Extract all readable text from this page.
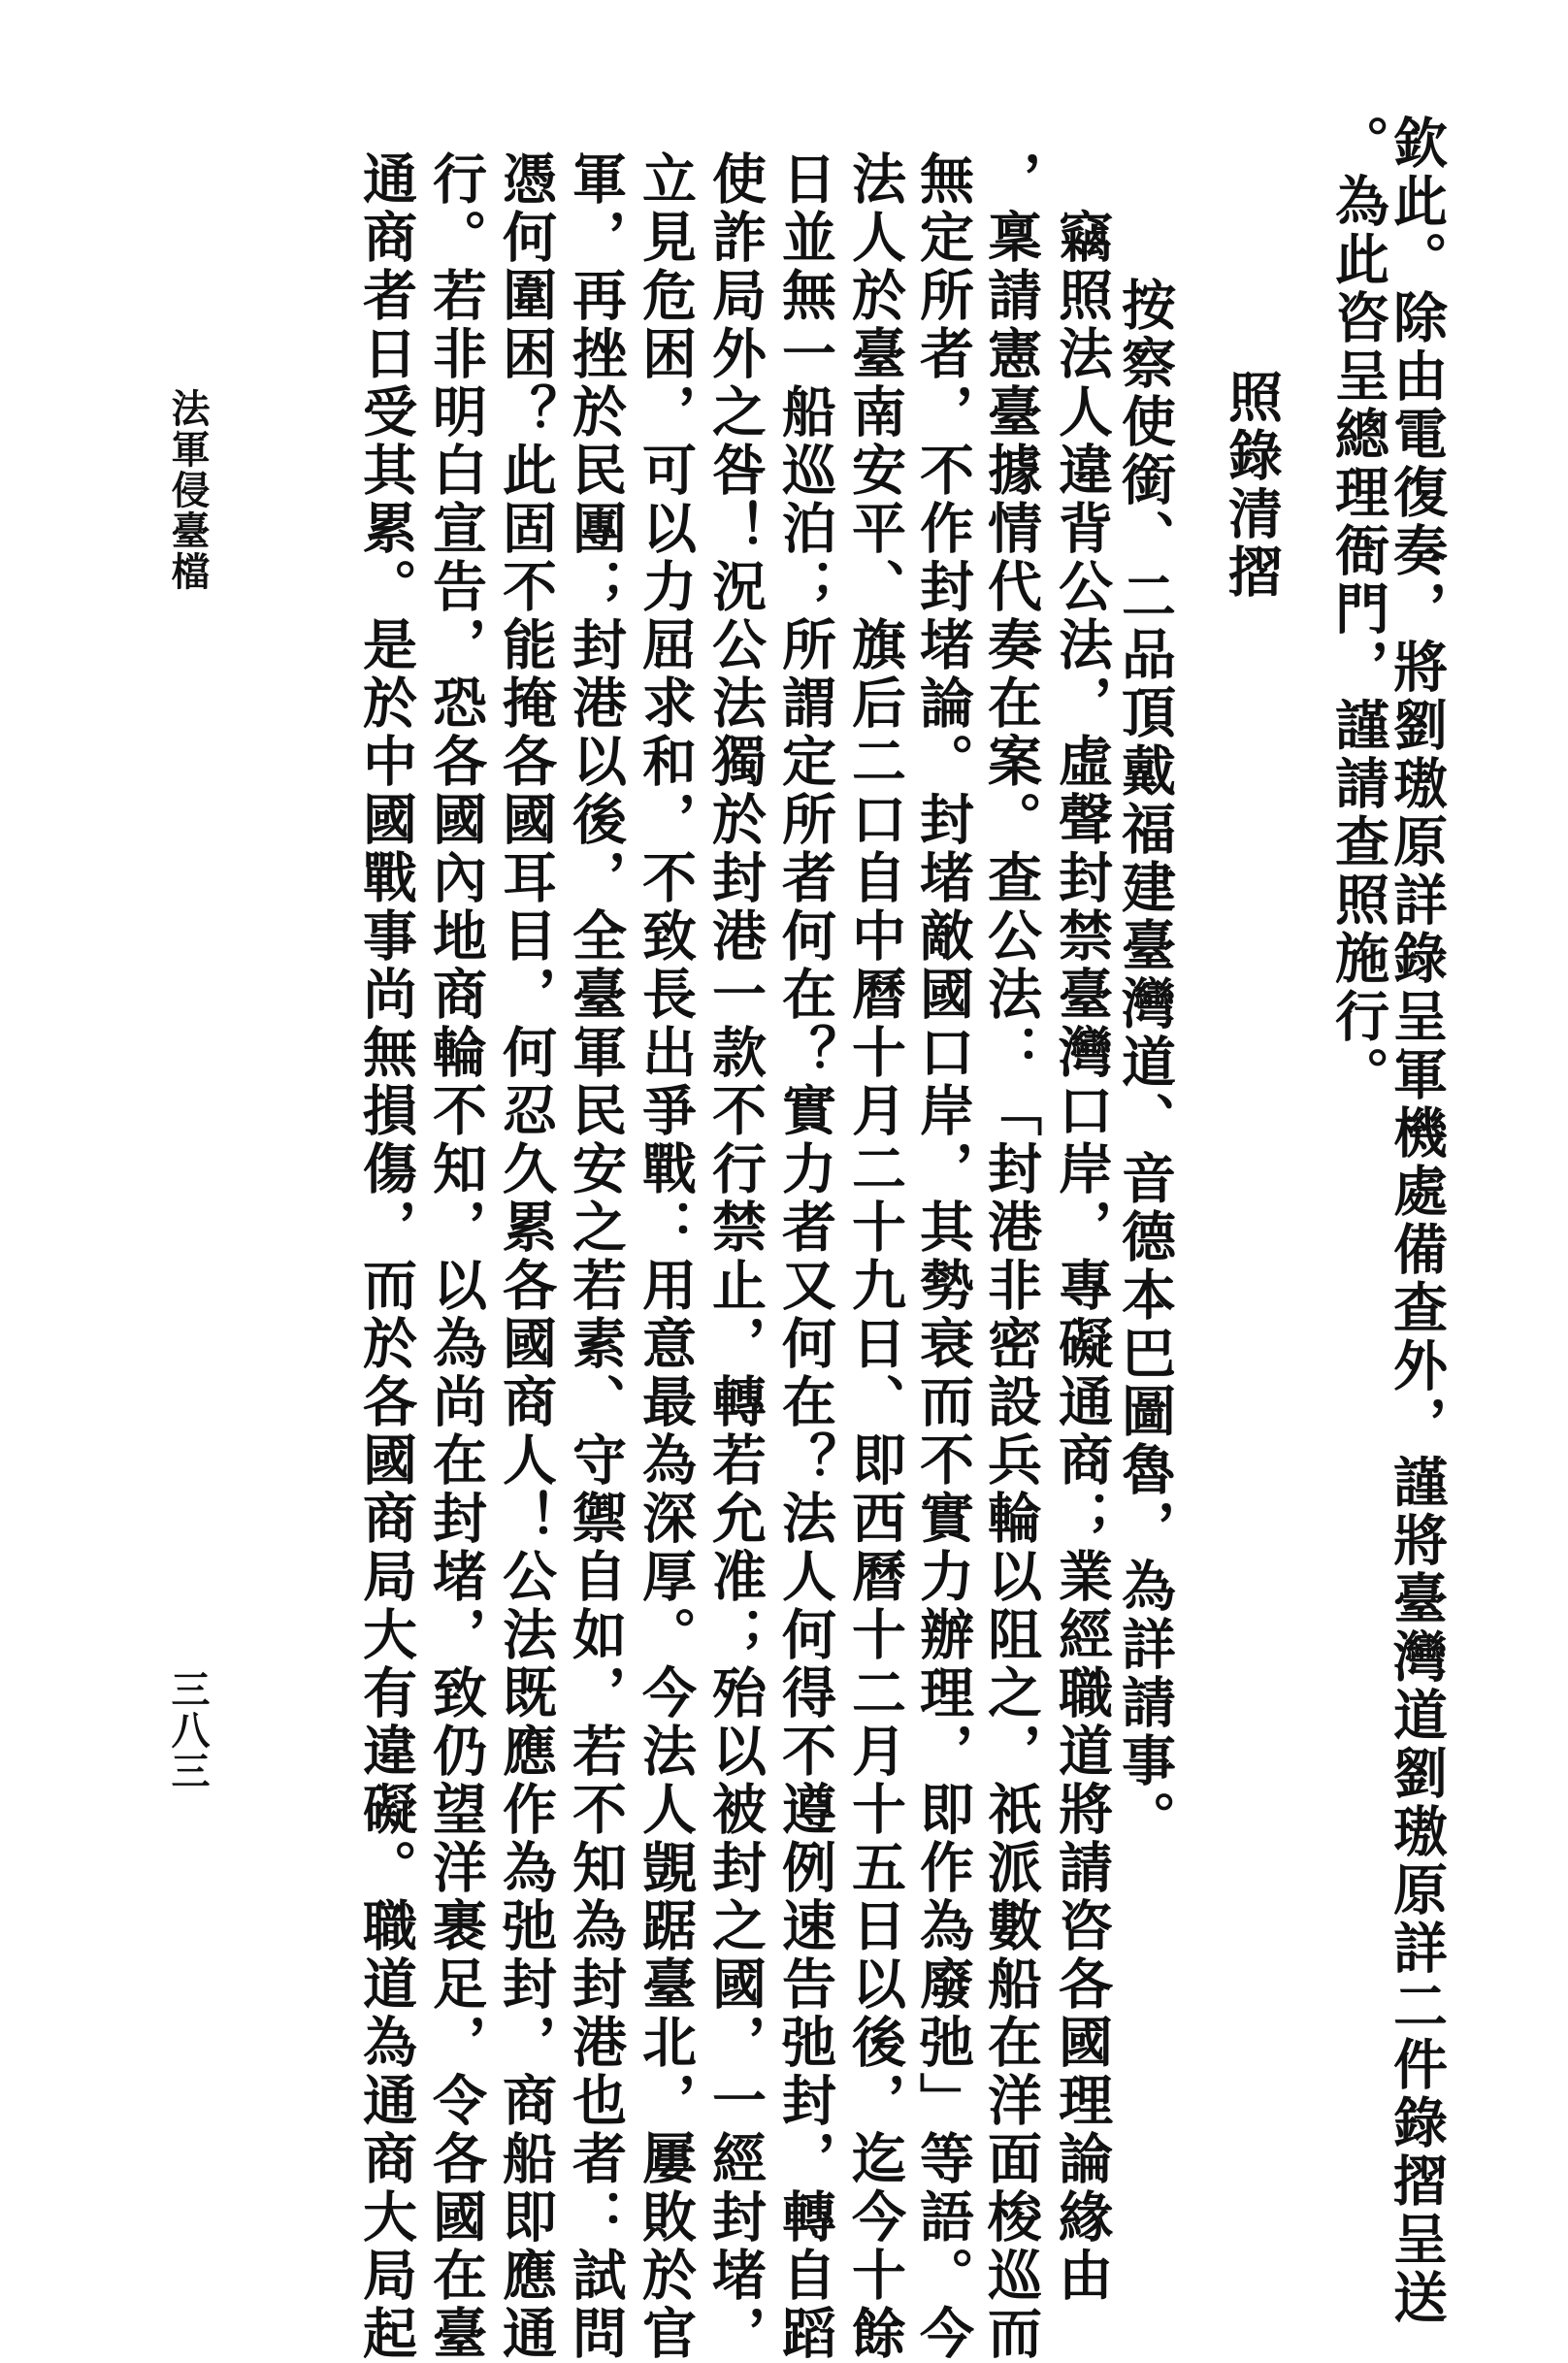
欽此。除由電復奏，將劉璈原詳錄呈軍機處備查外，謹將臺灣道劉璈原詳二件錄摺呈送
。為此咨呈總理衙門，謹請查照施行。
照錄清摺
按察使銜、二品頂戴福建臺灣道、音德本巴圖魯，為詳請事。
竊照法人違背公法，虛聲封禁臺灣口岸，專礙通商；業經職道將請咨各國理論緣由
，稟請憲臺據情代奏在案。查公法：「封港非密設兵輪以阻之，祇派數船在洋面梭巡而
無定所者，不作封堵論。封堵敵國口岸，其勢衰而不實力辦理，即作為廢弛」等語。今
法人於臺南安平、旗后二口自中曆十月二十九日、即西曆十二月十五日以後，迄今十餘
日並無一船巡泊；所謂定所者何在？實力者又何在？法人何得不遵例速告弛封，轉自蹈
使詐局外之咎！況公法獨於封港一款不行禁止，轉若允准；殆以被封之國，一經封堵，
立見危困，可以力屈求和，不致長出爭戰：用意最為深厚。今法人覬踞臺北，屢敗於官
軍，再挫於民團；封港以後，全臺軍民安之若素、守禦自如，若不知為封港也者：試問
憑何圍困？此固不能掩各國耳目，何忍久累各國商人！公法既應作為弛封，商船即應通
行。若非明白宣告，恐各國內地商輪不知，以為尚在封堵，致仍望洋裹足，令各國在臺
通商者日受其累。是於中國戰事尚無損傷，而於各國商局大有違礙。職道為通商大局起
法軍侵臺檔
三八三
